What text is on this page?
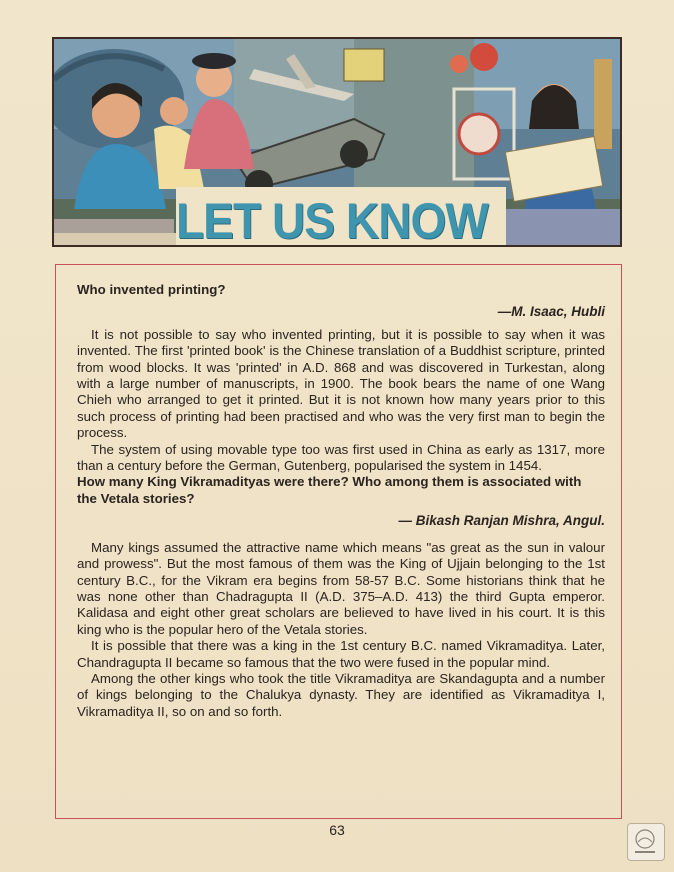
LET US KNOW

Who invented printing?

—M. Isaac, Hubli

It is not possible to say who invented printing, but it is possible to say when it was invented. The first 'printed book' is the Chinese translation of a Buddhist scripture, printed from wood blocks. It was 'printed' in A.D. 868 and was discovered in Turkestan, along with a large number of manuscripts, in 1900. The book bears the name of one Wang Chieh who arranged to get it printed. But it is not known how many years prior to this such process of printing had been practised and who was the very first man to begin the process.

The system of using movable type too was first used in China as early as 1317, more than a century before the German, Gutenberg, popularised the system in 1454.

How many King Vikramadityas were there? Who among them is associated with the Vetala stories?

— Bikash Ranjan Mishra, Angul.

Many kings assumed the attractive name which means "as great as the sun in valour and prowess". But the most famous of them was the King of Ujjain belonging to the 1st century B.C., for the Vikram era begins from 58-57 B.C. Some historians think that he was none other than Chadragupta II (A.D. 375–A.D. 413) the third Gupta emperor. Kalidasa and eight other great scholars are believed to have lived in his court. It is this king who is the popular hero of the Vetala stories.

It is possible that there was a king in the 1st century B.C. named Vikramaditya. Later, Chandragupta II became so famous that the two were fused in the popular mind.

Among the other kings who took the title Vikramaditya are Skandagupta and a number of kings belonging to the Chalukya dynasty. They are identified as Vikramaditya I, Vikramaditya II, so on and so forth.

63
